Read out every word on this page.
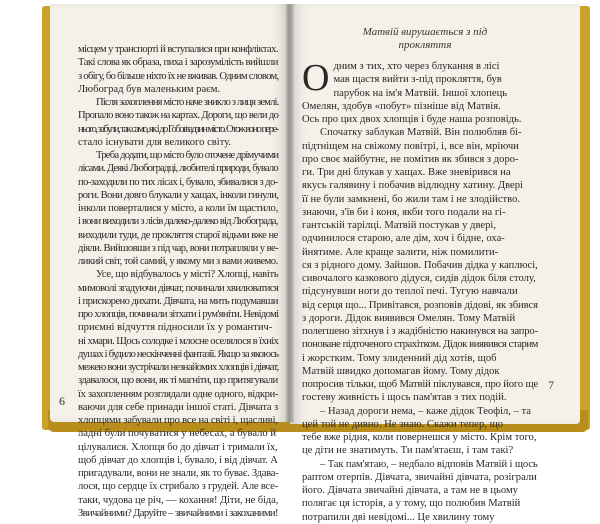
місцем у транспорті й вступалися при конфліктах.
Такі слова як образа, пиха і зарозумілість вийшли
з обігу, бо більше ніхто їх не вживав. Одним словом,
Любоград був маленьким раєм.

Після захоплення місто наче зникло з лиця землі.
Пропало воно також на картах. Дороги, що вели до
нього, забули, так само, як і до Гобоґвадзин місто. Отож воно пере-
стало існувати для великого світу.

Треба додати, що місто було оточене дрімучими
лісами. Деякі Любоградці, любителі природи, бувало
по-заходили по тих лісах і, бувало, збивалися з до-
роги. Вони довго блукали у хащах, інколи гинули,
інколи поверталися у місто, а коли їм щастило,
і вони виходили з лісів далеко-далеко від Любограда,
виходили туди, де прокляття старої відьми вже не
діяли. Вийшовши з під чар, вони потрапляли у ве-
ликий світ, той самий, у якому ми з вами живемо.

Усе, що відбувалось у місті? Хлопці, навіть
мимоволі згадуючи дівчат, починали хвилюватися
і прискорено дихати. Дівчата, на мить подумавши
про хлопців, починали зітхати і рум'яніти. Невідомі
приємні відчуття підносили їх у романтич-
ні хмари. Щось солодке і млосне оселялося в їхніх
душах і будило нескінченні фантазії. Якщо за якоюсь
межею вони зустрічали незнайомих хлопців і дівчат,
здавалося, що вони, як ті магніти, що притягували
їх захопленням розглядали одне одного, відкри-
ваючи для себе принади іншої статі. Дівчата з
хлопцями забували про все на світі і, щасливі,
ладні були почуватися у небесах, а бувало й
цілувалися. Хлопця бо до дівчат і тримали їх,
щоб дівчат до хлопців і, бувало, і від дівчат. А
пригадували, вони не знали, як то буває. Здава-
лося, що сердце їх стрибало з грудей. Але все-
таки, чудова це річ, — кохання! Діти, не біда,
Звичайними? Даруйте – звичайними і закоханими!

6
Матвій вирушається з під прокляття

О дним з тих, хто через блукання в лісі
мав щастя вийти з-під прокляття, був
парубок на ім'я Матвій. Іншої хлопець
Омелян, здобув «побут» пізніше від Матвія.
Ось про цих двох хлопців і буде наша розповідь.

Спочатку заблукав Матвій. Він полюбляв бі-
підтніщем на свіжому повітрі, і, все він, мріючи
про своє майбутнє, не помітив як збився з доро-
ги. Три дні блукав у хащах. Вже зневірився на
якусь галявину і побачив відлюдну хатину. Двері
її не були замкнені, бо жили там і не злодійство.
знаючи, з'їв би і коня, якби того подали на гі-
гантській тарілці. Матвій постукав у двері,
одчинилося старою, але дім, хоч і бідне, оха-
йнятиме. Але краще залити, ніж помилити-
ся з рідного дому. Зайшов. Побачив дідка у каплюсі,
сивочалого казкового дідуся, сидів дідок біля столу,
підсунувши ноги до теплої печі. Тугую навчали
від серця що... Привітався, розповів дідові, як збився
з дороги. Дідок виявився Омелян. Тому Матвій
полегшено зітхнув і з жадібністю накинувся на запро-
поноване підточеного страхітком. Дідок виявився старим
і жорстким. Тому злиденний дід хотів, щоб
Матвій швидко допомагав йому. Тому дідок
попросив тільки, щоб Матвій піклувався, про його ще
гостеву живність і щось пам'ятав з тих подій.

– Назад дороги нема, – каже дідок Теофіл, – та
цей той не дивно. Не знаю. Скажи тепер, що
тебе вже рідня, коли повернешся у місто. Крім того,
це діти не знатимуть. Ти пам'ятаєш, і там такі?

– Так пам'ятаю, – недбало відповів Матвій і щось
раптом отерпів. Дівчата, звичайні дівчата, розіграли
його. Дівчата звичайні дівчата, а там не в цьому
полягає ця історія, а у тому, що полюбив Матвій
потрапили дві невідомі... Це хвилину тому

7
